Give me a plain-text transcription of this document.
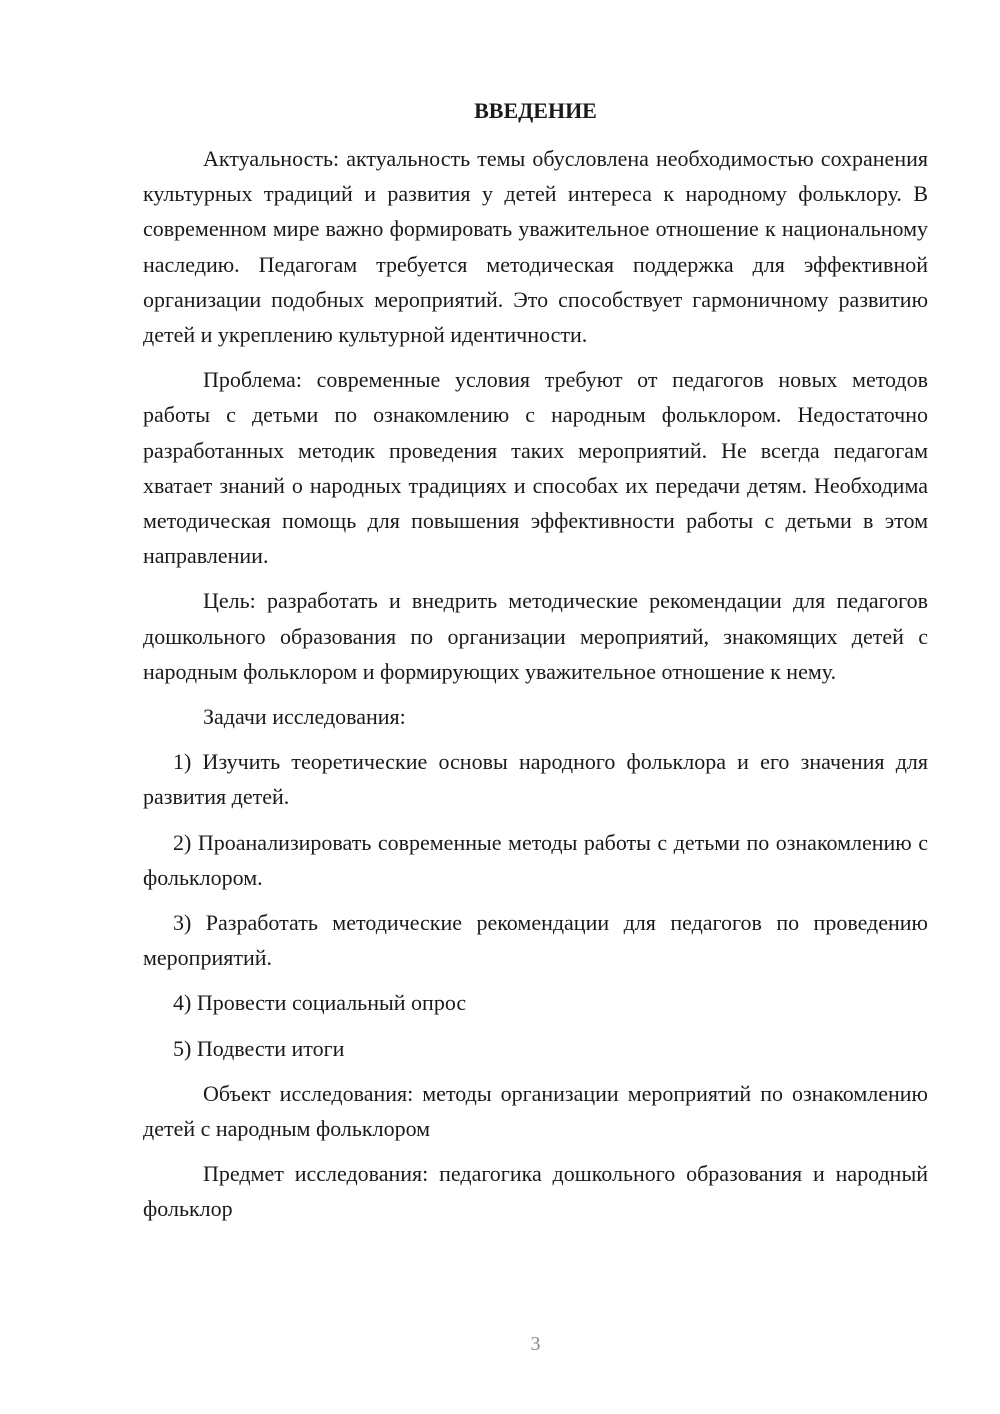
ВВЕДЕНИЕ

Актуальность: актуальность темы обусловлена необходимостью сохранения культурных традиций и развития у детей интереса к народному фольклору. В современном мире важно формировать уважительное отношение к национальному наследию. Педагогам требуется методическая поддержка для эффективной организации подобных мероприятий. Это способствует гармоничному развитию детей и укреплению культурной идентичности.

Проблема: современные условия требуют от педагогов новых методов работы с детьми по ознакомлению с народным фольклором. Недостаточно разработанных методик проведения таких мероприятий. Не всегда педагогам хватает знаний о народных традициях и способах их передачи детям. Необходима методическая помощь для повышения эффективности работы с детьми в этом направлении.

Цель: разработать и внедрить методические рекомендации для педагогов дошкольного образования по организации мероприятий, знакомящих детей с народным фольклором и формирующих уважительное отношение к нему.

Задачи исследования:

1) Изучить теоретические основы народного фольклора и его значения для развития детей.

2) Проанализировать современные методы работы с детьми по ознакомлению с фольклором.

3) Разработать методические рекомендации для педагогов по проведению мероприятий.

4) Провести социальный опрос

5) Подвести итоги

Объект исследования: методы организации мероприятий по ознакомлению детей с народным фольклором

Предмет исследования: педагогика дошкольного образования и народный фольклор

3
